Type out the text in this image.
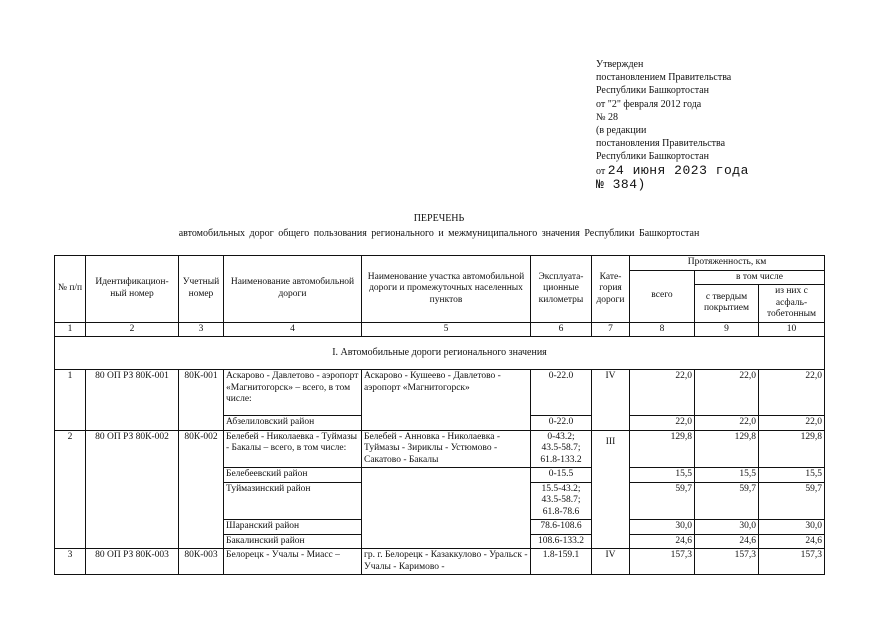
Утвержден
постановлением Правительства
Республики Башкортостан
от "2" февраля 2012 года
№ 28
(в редакции
постановления Правительства
Республики Башкортостан
от 24 июня 2023 года
№ 384)
ПЕРЕЧЕНЬ
автомобильных дорог общего пользования регионального и межмуниципального значения Республики Башкортостан
№ п/п	Идентификацион- ный номер	Учетный номер	Наименование автомобильной дороги	Наименование участка автомобильной дороги и промежуточных населенных пунктов	Эксплуата- ционные километры	Кате- гория дороги	Протяженность, км		
							всего	в том числе	
								с твердым покрытием	из них с асфаль- тобетонным
1	2	3	4	5	6	7	8	9	10
I. Автомобильные дороги регионального значения									
1	80 ОП РЗ 80К-001	80К-001	Аскарово - Давлетово - аэропорт «Магнитогорск» – всего, в том числе:	Аскарово - Кушеево - Давлетово - аэропорт «Магнитогорск»	0-22.0	IV	22,0	22,0	22,0
			Абзелиловский район		0-22.0		22,0	22,0	22,0
2	80 ОП РЗ 80К-002	80К-002	Белебей - Николаевка - Туймазы - Бакалы – всего, в том числе:	Белебей - Анновка - Николаевка - Туймазы - Зириклы - Устюмово - Сакатово - Бакалы	0-43.2;
43.5-58.7;
61.8-133.2	III	129,8	129,8	129,8
			Белебеевский район		0-15.5		15,5	15,5	15,5
			Туймазинский район		15.5-43.2;
43.5-58.7;
61.8-78.6		59,7	59,7	59,7
			Шаранский район		78.6-108.6		30,0	30,0	30,0
			Бакалинский район		108.6-133.2		24,6	24,6	24,6
3	80 ОП РЗ 80К-003	80К-003	Белорецк - Учалы - Миасс –	гр. г. Белорецк - Казаккулово - Уральск - Учалы - Каримово -	1.8-159.1	IV	157,3	157,3	157,3
